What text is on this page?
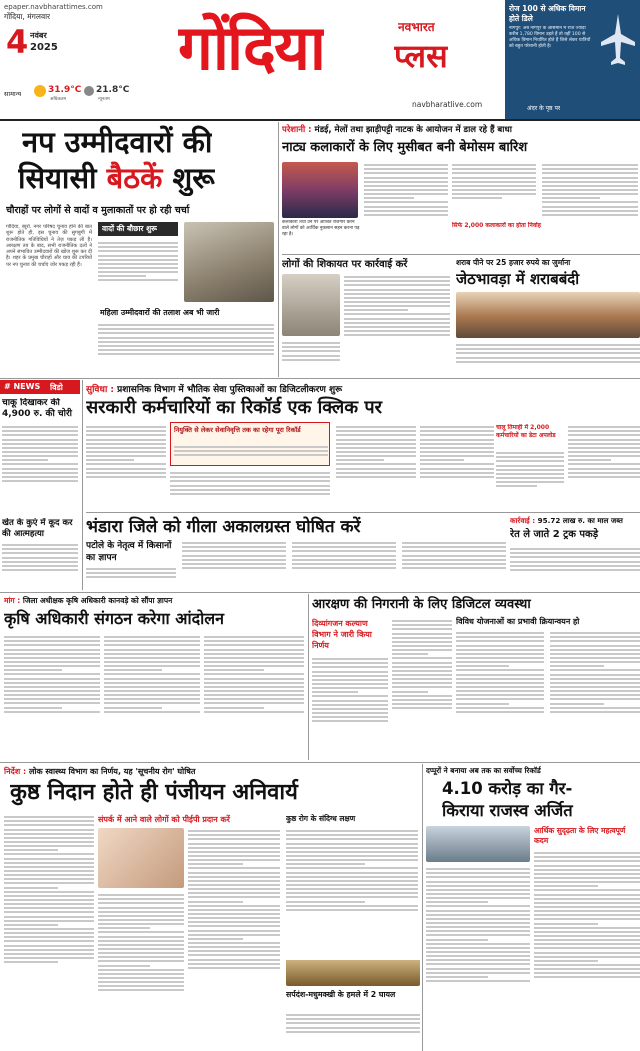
epaper.navbharattimes.com
गोंदिया, मंगलवार
4 नवंबर
2025
सामान्य	31.9°C
अधिकतम
21.8°C
न्यूनतम
गोंदिया	नवभारत
प्लस
navbharatlive.com
रोज 100 से अधिक विमान होते डिले
नागपुर: अब नागपुर के आसमान में रोज ज्यादा करीब 1,780 विमान उड़ते हैं तो वहीं 100 से अधिक विमान निर्धारित होते हैं जिसे लेकर यात्रियों को बहुत परेशानी होती है।
अंदर के पृष्ठ पर
नप उम्मीदवारों की
सियासी बैठकें शुरू
चौराहों पर लोगों से वादों व मुलाकातों पर हो रही चर्चा
गोंदिया, ब्यूरो. नगर परिषद चुनाव होने की बात शुरू होते ही, इस चुनाव की सुगबुगी में राजनीतिक गतिविधियों ने तेज़ पकड़ ली है। आरक्षण तय के बाद, सभी राजनीतिक दलों ने अपने संभावित उम्मीदवारों की खोज शुरू कर दी है। शहर के प्रमुख चौराहों और चाय की टपरियों पर नप चुनाव की चर्चाएं जोर पकड़ रही हैं।
वादों की बौछार शुरू
महिला उम्मीदवारों की तलाश अब भी जारी
परेशानी : मंडई, मेलों तथा झाड़ीपट्टी नाटक के आयोजन में डाल रहे हैं बाधा
नाट्य कलाकारों के लिए मुसीबत बनी बेमोसम बारिश
कलाकारों तथा उन पर आश्रित रोजगार करने वाले लोगों को आर्थिक नुकसान सहन करना पड़ रहा है।
सिर्फ 2,000 कलाकारों का होता निर्वाह
लोगों की शिकायत पर कार्रवाई करें	शराब पीने पर 25 हजार रुपये का जुर्माना
जेठभावड़ा में शराबबंदी
# NEWS विडो
चाकू दिखाकर की 4,900 रु. की चोरी
खेत के कुएं में कूद कर की आत्महत्या
सुविधा : प्रशासनिक विभाग में भौतिक सेवा पुस्तिकाओं का डिजिटलीकरण शुरू
सरकारी कर्मचारियों का रिकॉर्ड एक क्लिक पर
नियुक्ति से लेकर सेवानिवृत्ति तक का रहेगा पूरा रिकॉर्ड	चालू तिमाही में 2,000 कर्मचारियों का डेटा अपलोड
भंडारा जिले को गीला अकालग्रस्त घोषित करें
पटोले के नेतृत्व में किसानों का ज्ञापन
कार्रवाई : 95.72 लाख रु. का माल जब्त
रेत ले जाते 2 ट्रक पकड़े
मांग : जिला अधीक्षक कृषि अधिकारी कानवड़े को सौंपा ज्ञापन
कृषि अधिकारी संगठन करेगा आंदोलन
आरक्षण की निगरानी के लिए डिजिटल व्यवस्था
दिव्यांगजन कल्याण विभाग ने जारी किया निर्णय
विविध योजनाओं का प्रभावी क्रियान्वयन हो
निर्देश : लोक स्वास्थ्य विभाग का निर्णय, यह 'सूचनीय रोग' घोषित
कुष्ठ निदान होते ही पंजीयन अनिवार्य
संपर्क में आने वाले लोगों को पीईपी प्रदान करें	कुष्ठ रोग के संदिग्ध लक्षण
सर्पदंश-मधुमक्खी के हमले में 2 घायल
दप्पूरों ने बनाया अब तक का सर्वोच्च रिकॉर्ड
4.10 करोड़ का गैर-
किराया राजस्व अर्जित
आर्थिक सुदृढ़ता के लिए महत्वपूर्ण कदम
